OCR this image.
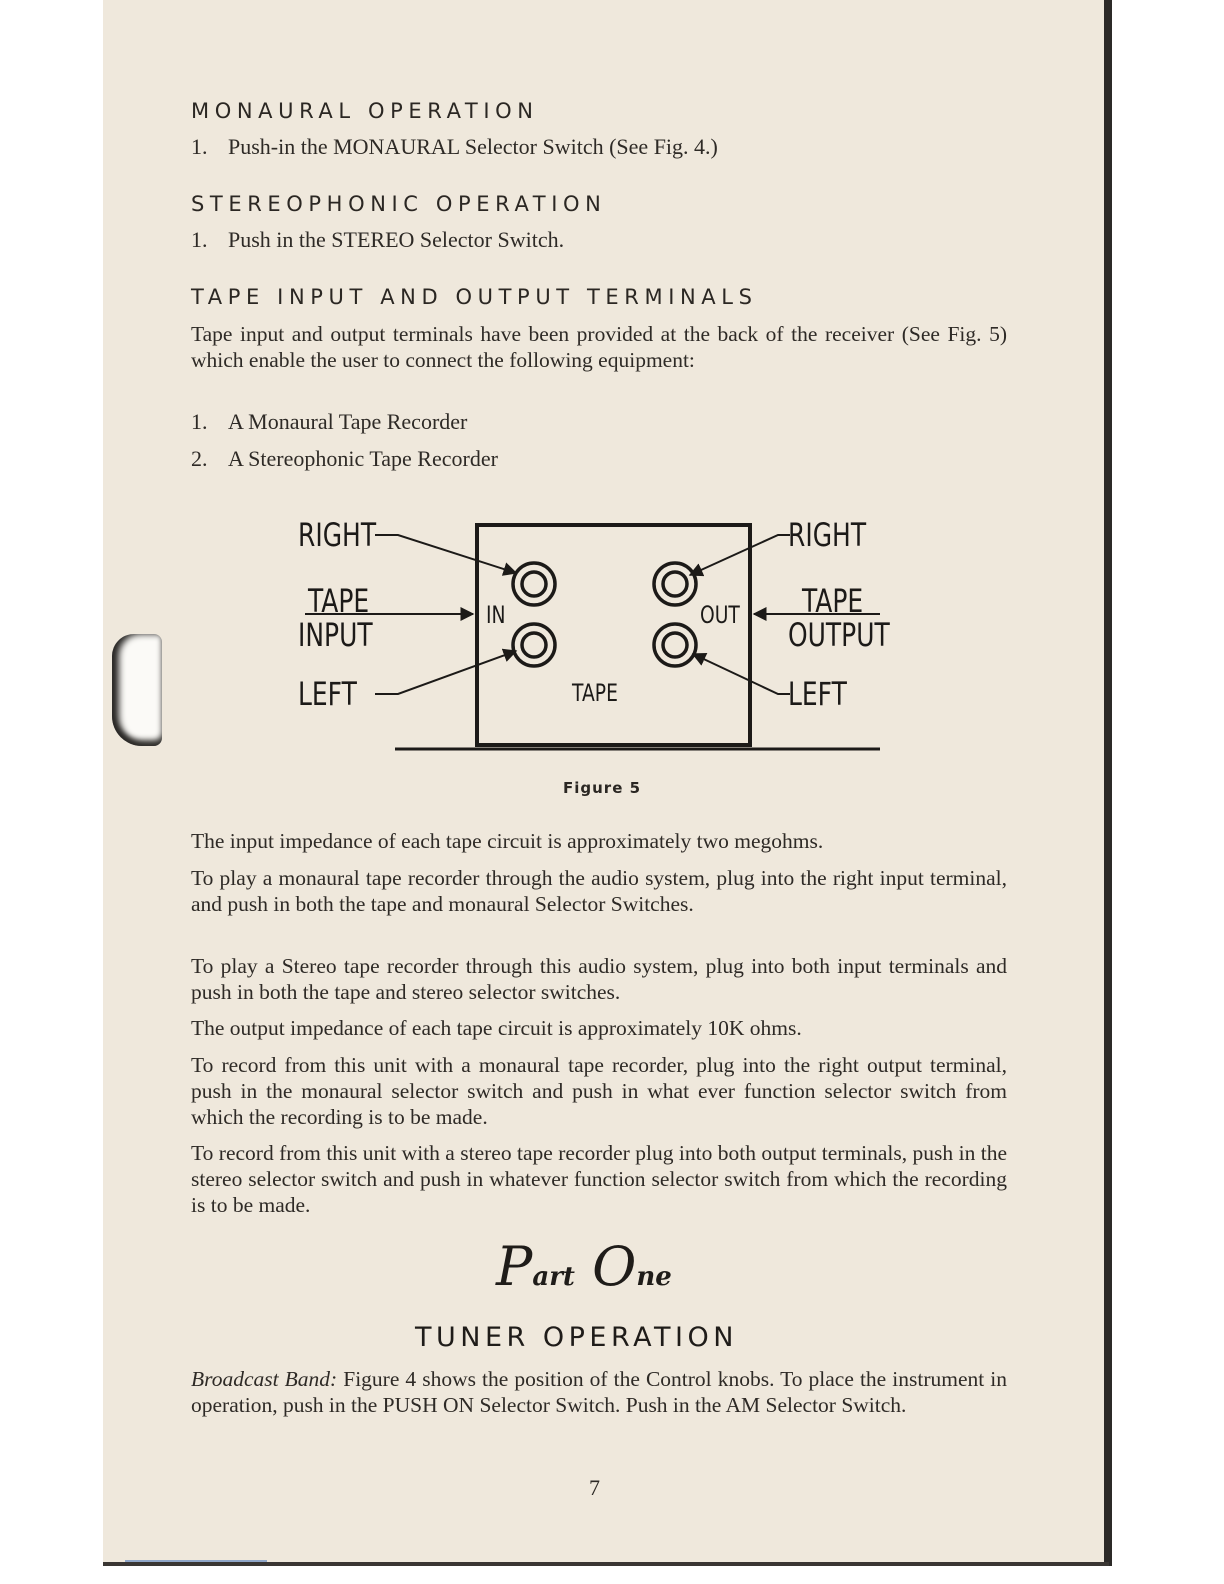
MONAURAL OPERATION

1. Push-in the MONAURAL Selector Switch (See Fig. 4.)

STEREOPHONIC OPERATION

1. Push in the STEREO Selector Switch.

TAPE INPUT AND OUTPUT TERMINALS

Tape input and output terminals have been provided at the back of the receiver (See Fig. 5) which enable the user to connect the following equipment:

1. A Monaural Tape Recorder

2. A Stereophonic Tape Recorder

RIGHT
TAPE
INPUT
LEFT
RIGHT
TAPE
OUTPUT
LEFT
IN	OUT
TAPE
Figure 5

The input impedance of each tape circuit is approximately two megohms.

To play a monaural tape recorder through the audio system, plug into the right input terminal, and push in both the tape and monaural Selector Switches.

To play a Stereo tape recorder through this audio system, plug into both input terminals and push in both the tape and stereo selector switches.

The output impedance of each tape circuit is approximately 10K ohms.

To record from this unit with a monaural tape recorder, plug into the right output terminal, push in the monaural selector switch and push in what ever function selector switch from which the recording is to be made.

To record from this unit with a stereo tape recorder plug into both output terminals, push in the stereo selector switch and push in whatever function selector switch from which the recording is to be made.

Broadcast Band: Figure 4 shows the position of the Control knobs. To place the instrument in operation, push in the PUSH ON Selector Switch. Push in the AM Selector Switch.

Part One
TUNER OPERATION
7
